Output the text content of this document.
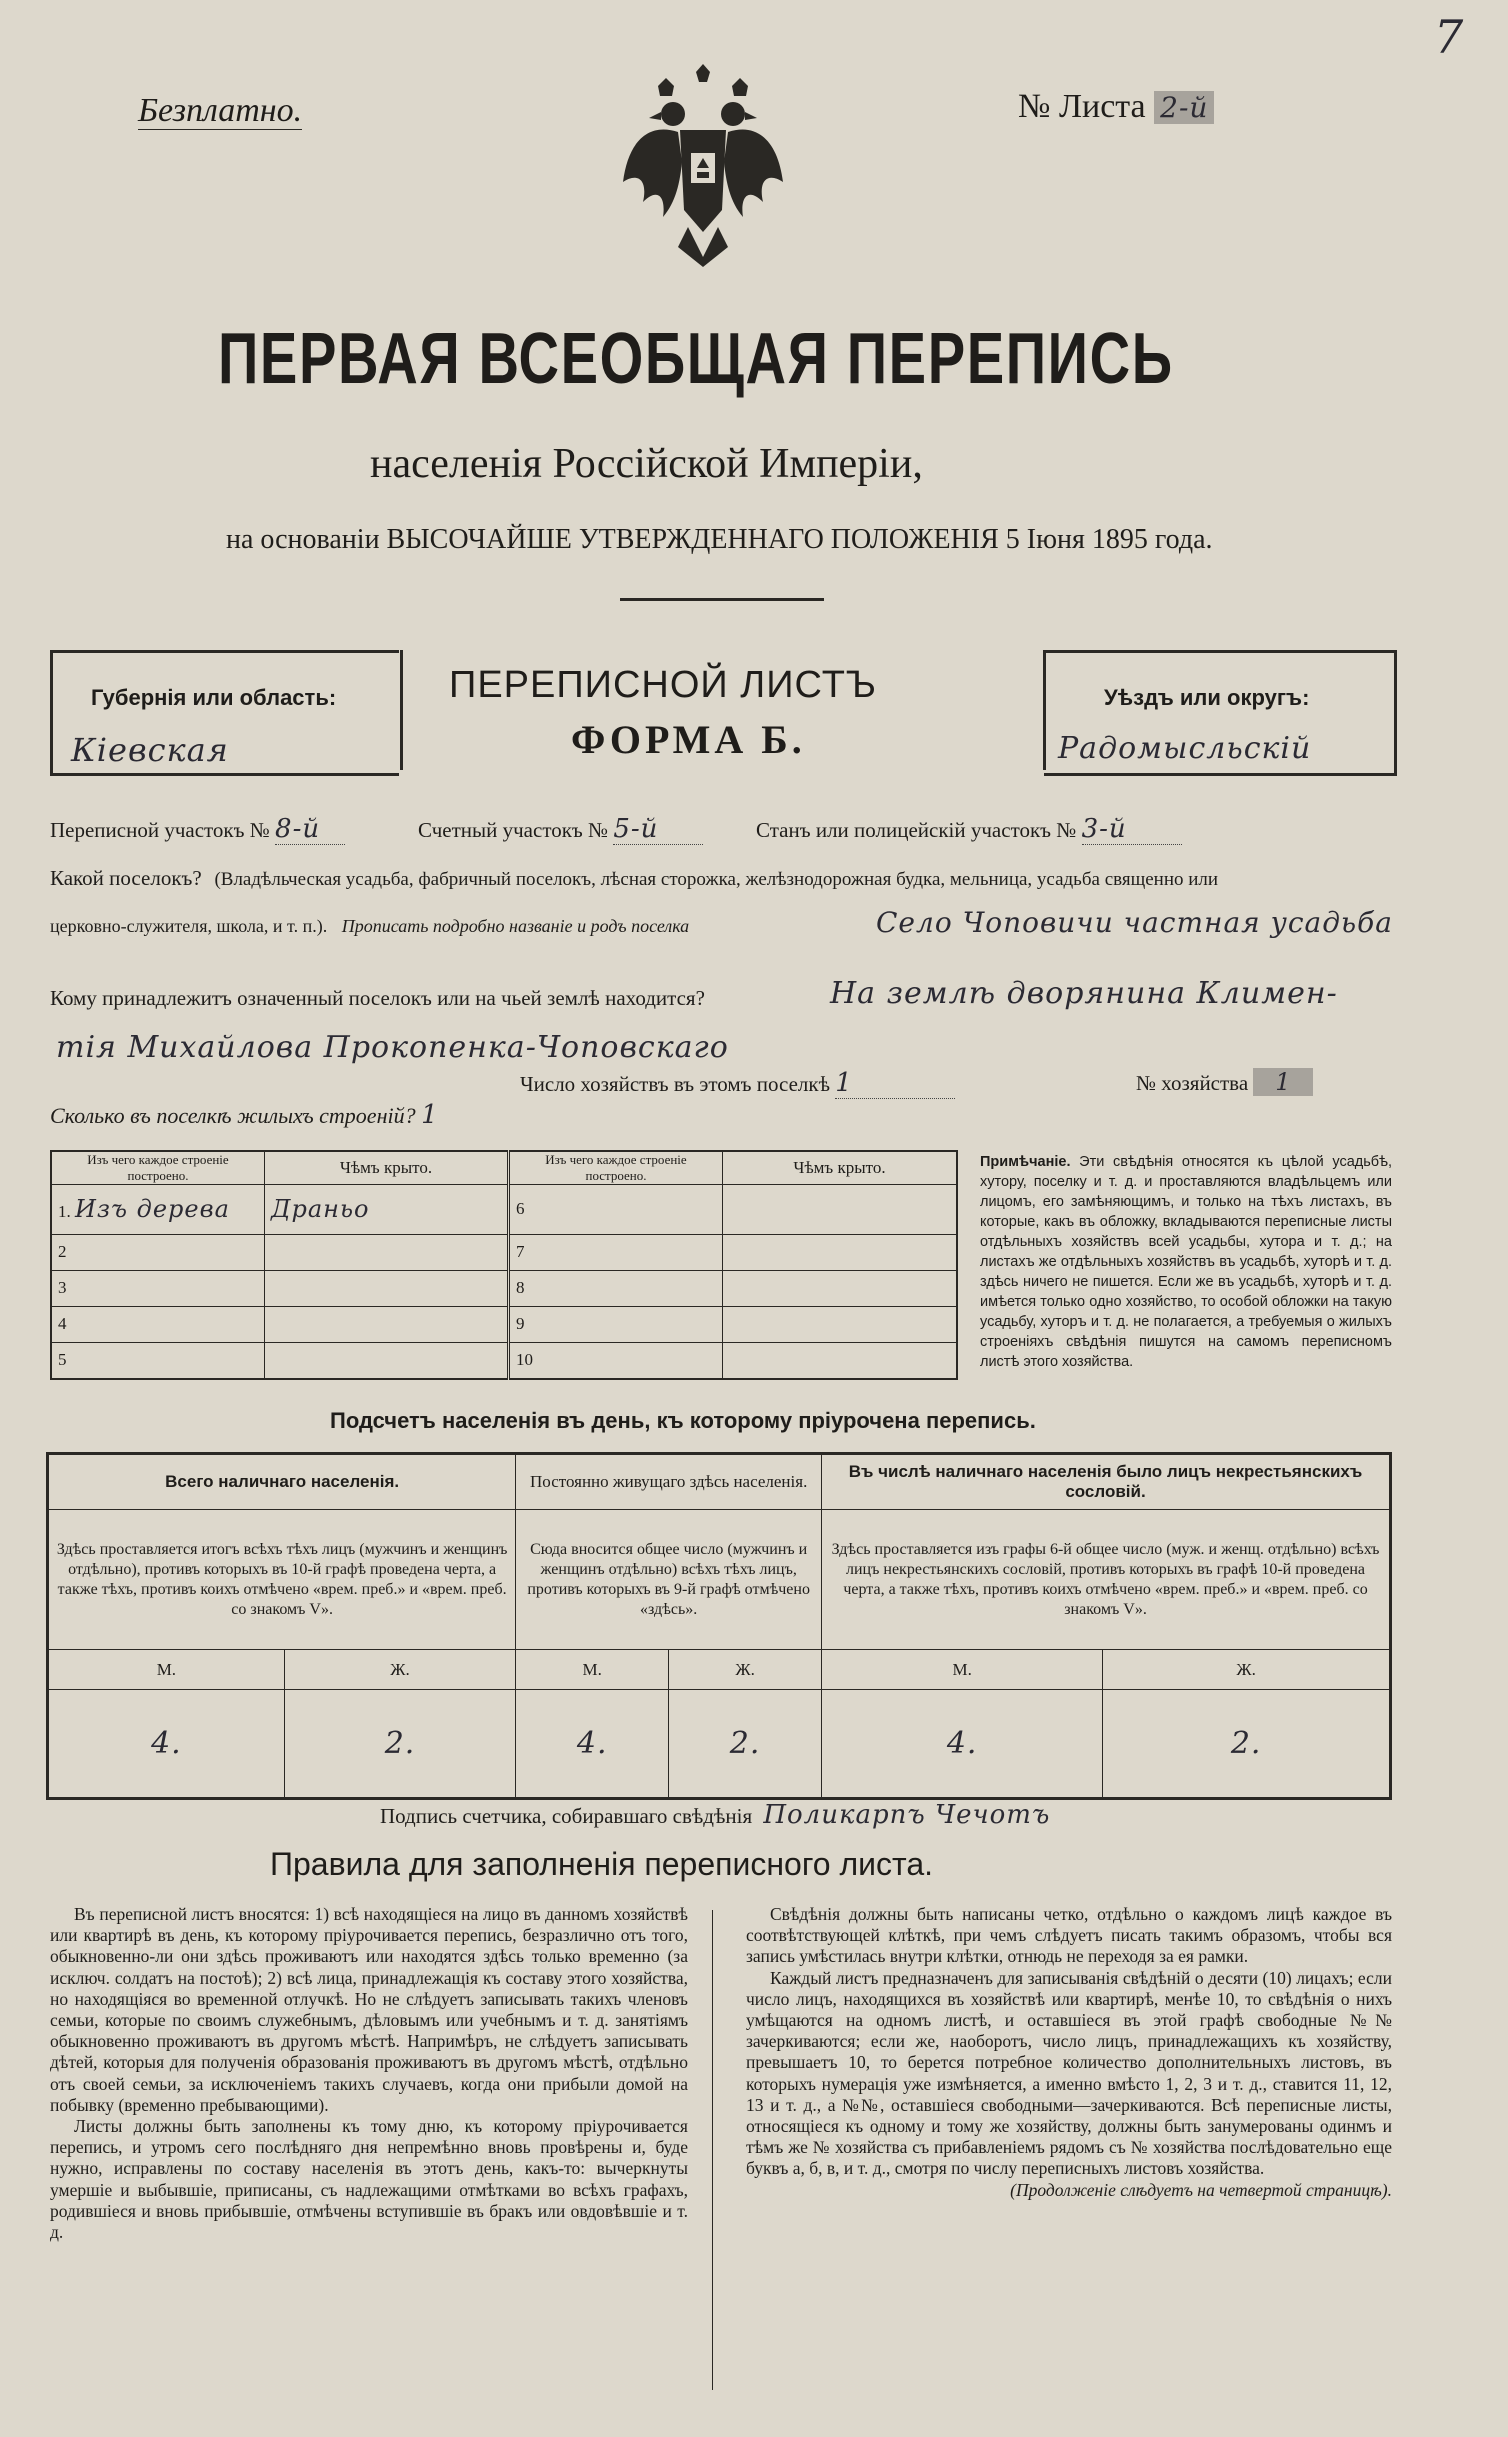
7
Безплатно.	№ Листа 2-й
ПЕРВАЯ ВСЕОБЩАЯ ПЕРЕПИСЬ
населенія Россійской Имперіи,
на основаніи ВЫСОЧАЙШЕ УТВЕРЖДЕННАГО ПОЛОЖЕНІЯ 5 Іюня 1895 года.
Губернія или область:
Кіевская
ПЕРЕПИСНОЙ ЛИСТЪ
ФОРМА Б.
Уѣздъ или округъ:
Радомысльскій
Переписной участокъ № 8-й	Счетный участокъ № 5-й	Станъ или полицейскій участокъ № 3-й
Какой поселокъ? (Владѣльческая усадьба, фабричный поселокъ, лѣсная сторожка, желѣзнодорожная будка, мельница, усадьба священно или
церковно-служителя, школа, и т. п.). Прописать подробно названіе и родъ поселка	Село Чоповичи частная усадьба
Кому принадлежитъ означенный поселокъ или на чьей землѣ находится?	На землѣ дворянина Климен-
тія Михайлова Прокопенка-Чоповскаго
Число хозяйствъ въ этомъ поселкѣ 1	№ хозяйства 1
Сколько въ поселкѣ жилыхъ строеній? 1
Изъ чего каждое строеніе построено.	Чѣмъ крыто.	Изъ чего каждое строеніе построено.	Чѣмъ крыто.
1. Изъ дерева	Драньо	6	
2		7	
3		8	
4		9	
5		10	
Примѣчаніе. Эти свѣдѣнія относятся къ цѣлой усадьбѣ, хутору, поселку и т. д. и проставляются владѣльцемъ или лицомъ, его замѣняющимъ, и только на тѣхъ листахъ, въ которые, какъ въ обложку, вкладываются переписные листы отдѣльныхъ хозяйствъ всей усадьбы, хутора и т. д.; на листахъ же отдѣльныхъ хозяйствъ въ усадьбѣ, хуторѣ и т. д. здѣсь ничего не пишется. Если же въ усадьбѣ, хуторѣ и т. д. имѣется только одно хозяйство, то особой обложки на такую усадьбу, хуторъ и т. д. не полагается, а требуемыя о жилыхъ строеніяхъ свѣдѣнія пишутся на самомъ переписномъ листѣ этого хозяйства.
Подсчетъ населенія въ день, къ которому пріурочена перепись.
Всего наличнаго населенія.		Постоянно живущаго здѣсь населенія.		Въ числѣ наличнаго населенія было лицъ некрестьянскихъ сословій.	
Здѣсь проставляется итогъ всѣхъ тѣхъ лицъ (мужчинъ и женщинъ отдѣльно), противъ которыхъ въ 10-й графѣ проведена черта, а также тѣхъ, противъ коихъ отмѣчено «врем. преб.» и «врем. преб. со знакомъ V».		Сюда вносится общее число (мужчинъ и женщинъ отдѣльно) всѣхъ тѣхъ лицъ, противъ которыхъ въ 9-й графѣ отмѣчено «здѣсь».		Здѣсь проставляется изъ графы 6-й общее число (муж. и женщ. отдѣльно) всѣхъ лицъ некрестьянскихъ сословій, противъ которыхъ въ графѣ 10-й проведена черта, а также тѣхъ, противъ коихъ отмѣчено «врем. преб.» и «врем. преб. со знакомъ V».	
М.	Ж.	М.	Ж.	М.	Ж.
4.	2.	4.	2.	4.	2.
Подпись счетчика, собиравшаго свѣдѣнія Поликарпъ Чечотъ
Правила для заполненія переписного листа.

Въ переписной листъ вносятся: 1) всѣ находящіеся на лицо въ данномъ хозяйствѣ или квартирѣ въ день, къ которому пріурочивается перепись, безразлично отъ того, обыкновенно-ли они здѣсь проживаютъ или находятся здѣсь только временно (за исключ. солдатъ на постоѣ); 2) всѣ лица, принадлежащія къ составу этого хозяйства, но находящіяся во временной отлучкѣ. Но не слѣдуетъ записывать такихъ членовъ семьи, которые по своимъ служебнымъ, дѣловымъ или учебнымъ и т. д. занятіямъ обыкновенно проживаютъ въ другомъ мѣстѣ. Напримѣръ, не слѣдуетъ записывать дѣтей, которыя для полученія образованія проживаютъ въ другомъ мѣстѣ, отдѣльно отъ своей семьи, за исключеніемъ такихъ случаевъ, когда они прибыли домой на побывку (временно пребывающими).

Листы должны быть заполнены къ тому дню, къ которому пріурочивается перепись, и утромъ сего послѣдняго дня непремѣнно вновь провѣрены и, буде нужно, исправлены по составу населенія въ этотъ день, какъ-то: вычеркнуты умершіе и выбывшіе, приписаны, съ надлежащими отмѣтками во всѣхъ графахъ, родившіеся и вновь прибывшіе, отмѣчены вступившіе въ бракъ или овдовѣвшіе и т. д.

Свѣдѣнія должны быть написаны четко, отдѣльно о каждомъ лицѣ каждое въ соотвѣтствующей клѣткѣ, при чемъ слѣдуетъ писать такимъ образомъ, чтобы вся запись умѣстилась внутри клѣтки, отнюдь не переходя за ея рамки.

Каждый листъ предназначенъ для записыванія свѣдѣній о десяти (10) лицахъ; если число лицъ, находящихся въ хозяйствѣ или квартирѣ, менѣе 10, то свѣдѣнія о нихъ умѣщаются на одномъ листѣ, и оставшіеся въ этой графѣ свободные №№ зачеркиваются; если же, наоборотъ, число лицъ, принадлежащихъ къ хозяйству, превышаетъ 10, то берется потребное количество дополнительныхъ листовъ, въ которыхъ нумерація уже измѣняется, а именно вмѣсто 1, 2, 3 и т. д., ставится 11, 12, 13 и т. д., а №№, оставшіеся свободными—зачеркиваются. Всѣ переписные листы, относящіеся къ одному и тому же хозяйству, должны быть занумерованы одинмъ и тѣмъ же № хозяйства съ прибавленіемъ рядомъ съ № хозяйства послѣдовательно еще буквъ а, б, в, и т. д., смотря по числу переписныхъ листовъ хозяйства.

(Продолженіе слѣдуетъ на четвертой страницѣ).
